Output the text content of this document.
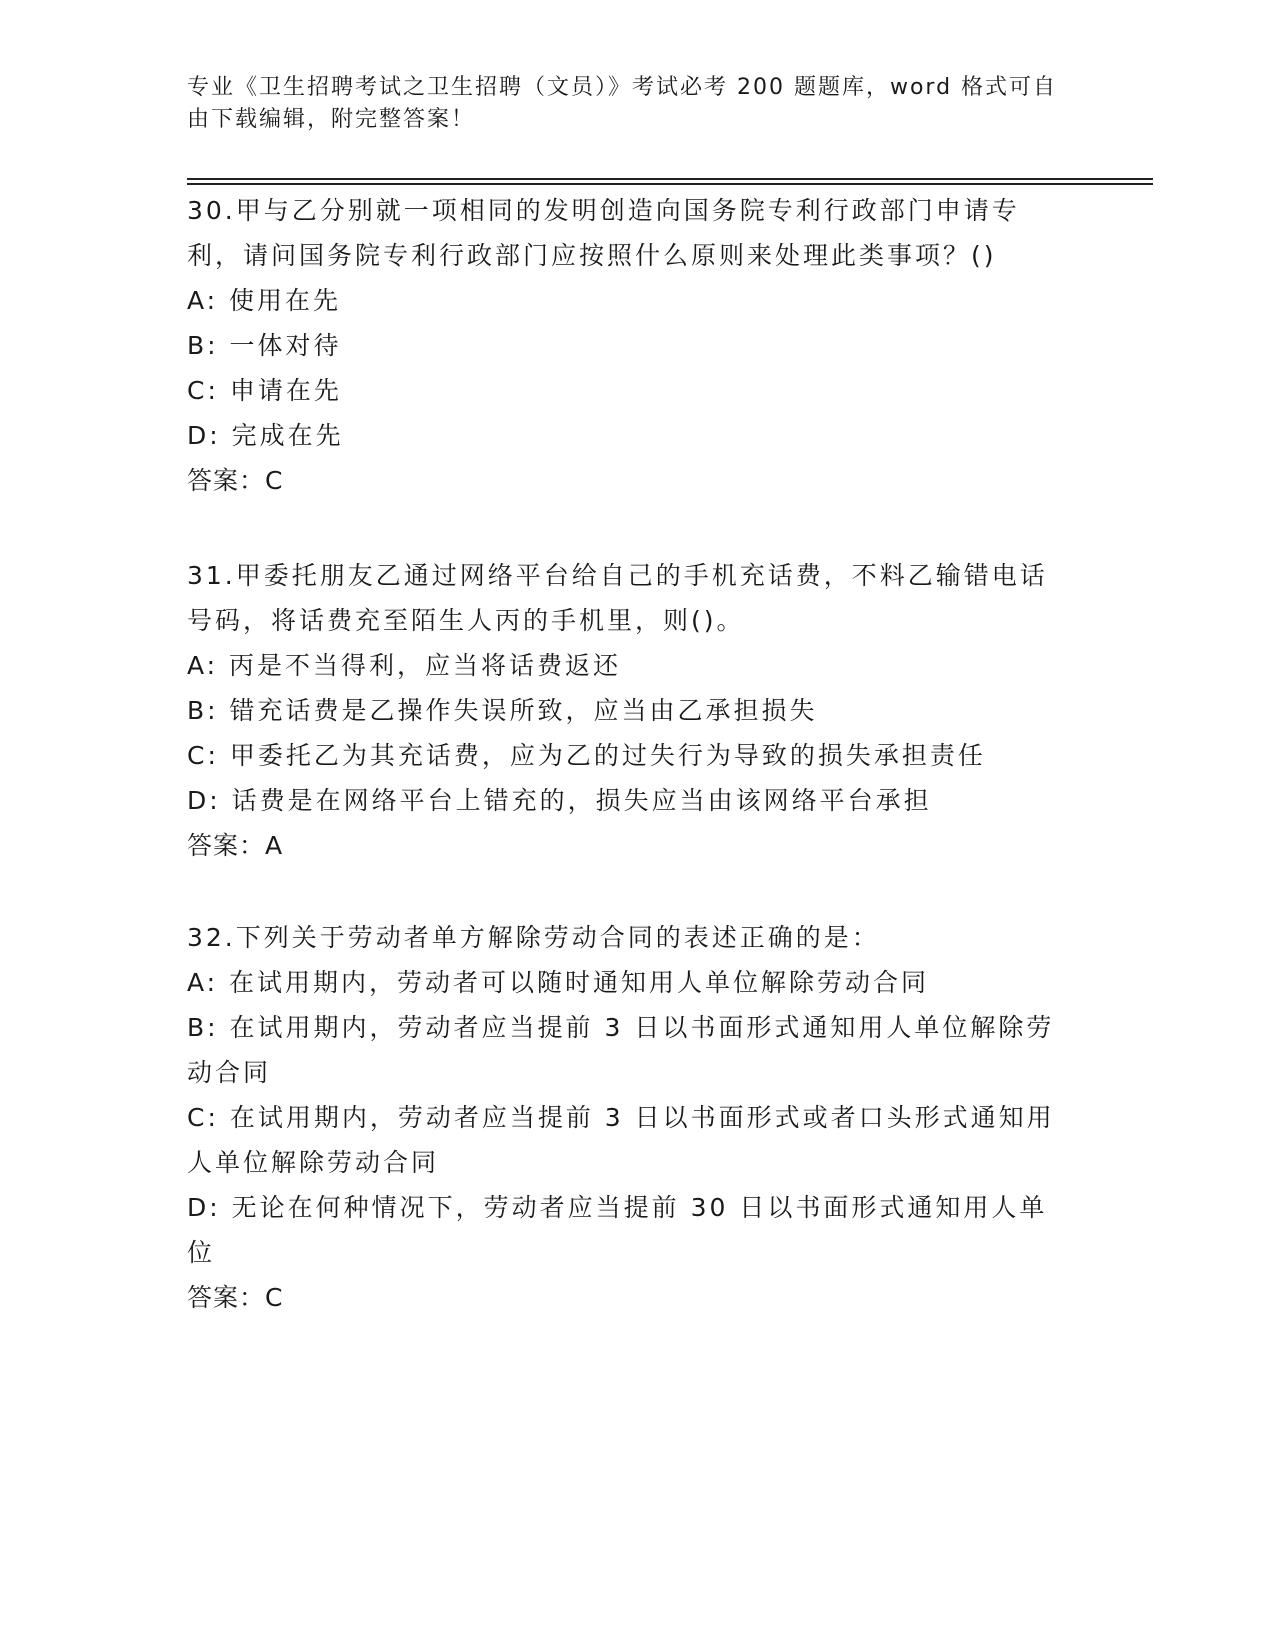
专业《卫生招聘考试之卫生招聘（文员）》考试必考 200 题题库，word 格式可自由下载编辑，附完整答案！
30.甲与乙分别就一项相同的发明创造向国务院专利行政部门申请专利，请问国务院专利行政部门应按照什么原则来处理此类事项？()
A: 使用在先
B: 一体对待
C: 申请在先
D: 完成在先
答案：C
31.甲委托朋友乙通过网络平台给自己的手机充话费，不料乙输错电话号码，将话费充至陌生人丙的手机里，则()。
A: 丙是不当得利，应当将话费返还
B: 错充话费是乙操作失误所致，应当由乙承担损失
C: 甲委托乙为其充话费，应为乙的过失行为导致的损失承担责任
D: 话费是在网络平台上错充的，损失应当由该网络平台承担
答案：A
32.下列关于劳动者单方解除劳动合同的表述正确的是：
A: 在试用期内，劳动者可以随时通知用人单位解除劳动合同
B: 在试用期内，劳动者应当提前 3 日以书面形式通知用人单位解除劳动合同
C: 在试用期内，劳动者应当提前 3 日以书面形式或者口头形式通知用人单位解除劳动合同
D: 无论在何种情况下，劳动者应当提前 30 日以书面形式通知用人单位
答案：C
